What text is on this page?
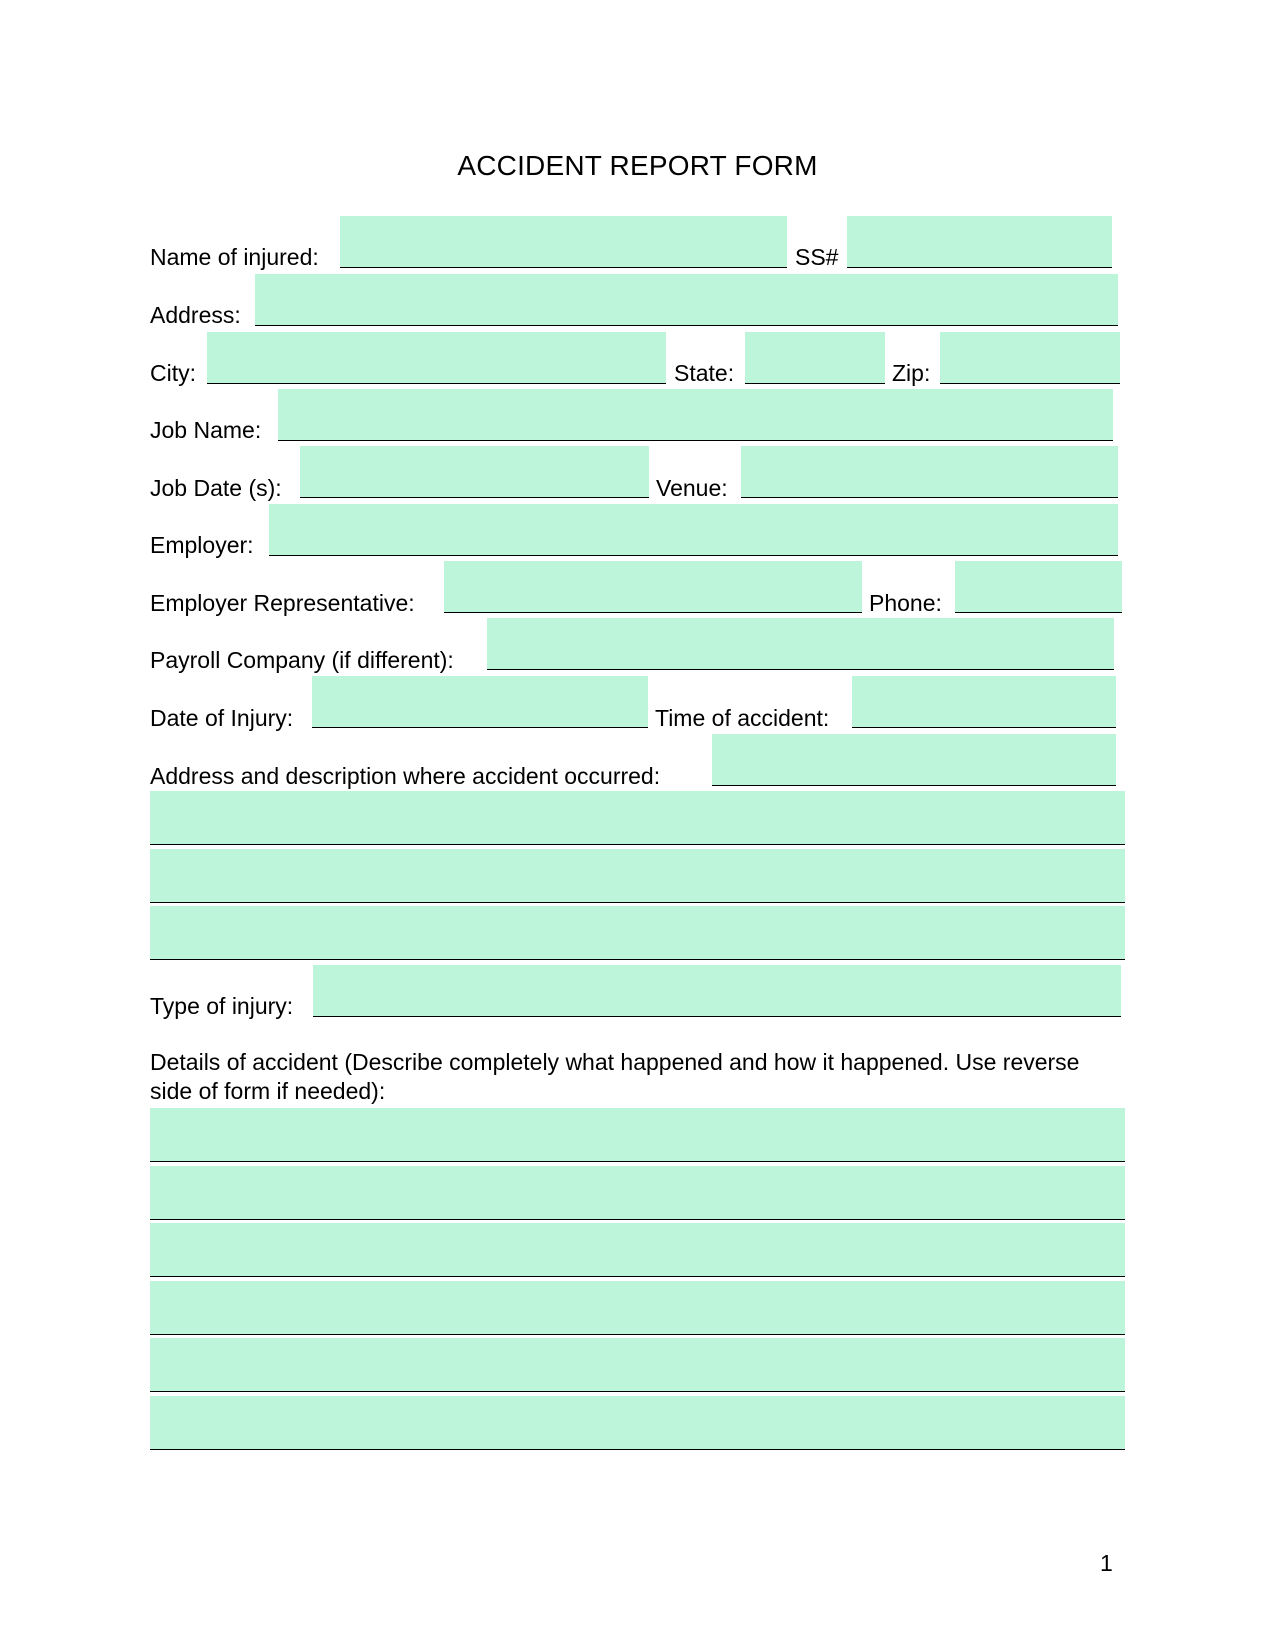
ACCIDENT REPORT FORM
Name of injured:	SS#
Address:
City:	State:	Zip:
Job Name:
Job Date (s):	Venue:
Employer:
Employer Representative:	Phone:
Payroll Company (if different):
Date of Injury:	Time of accident:
Address and description where accident occurred:
Type of injury:
Details of accident (Describe completely what happened and how it happened. Use reverse side of form if needed):
1
